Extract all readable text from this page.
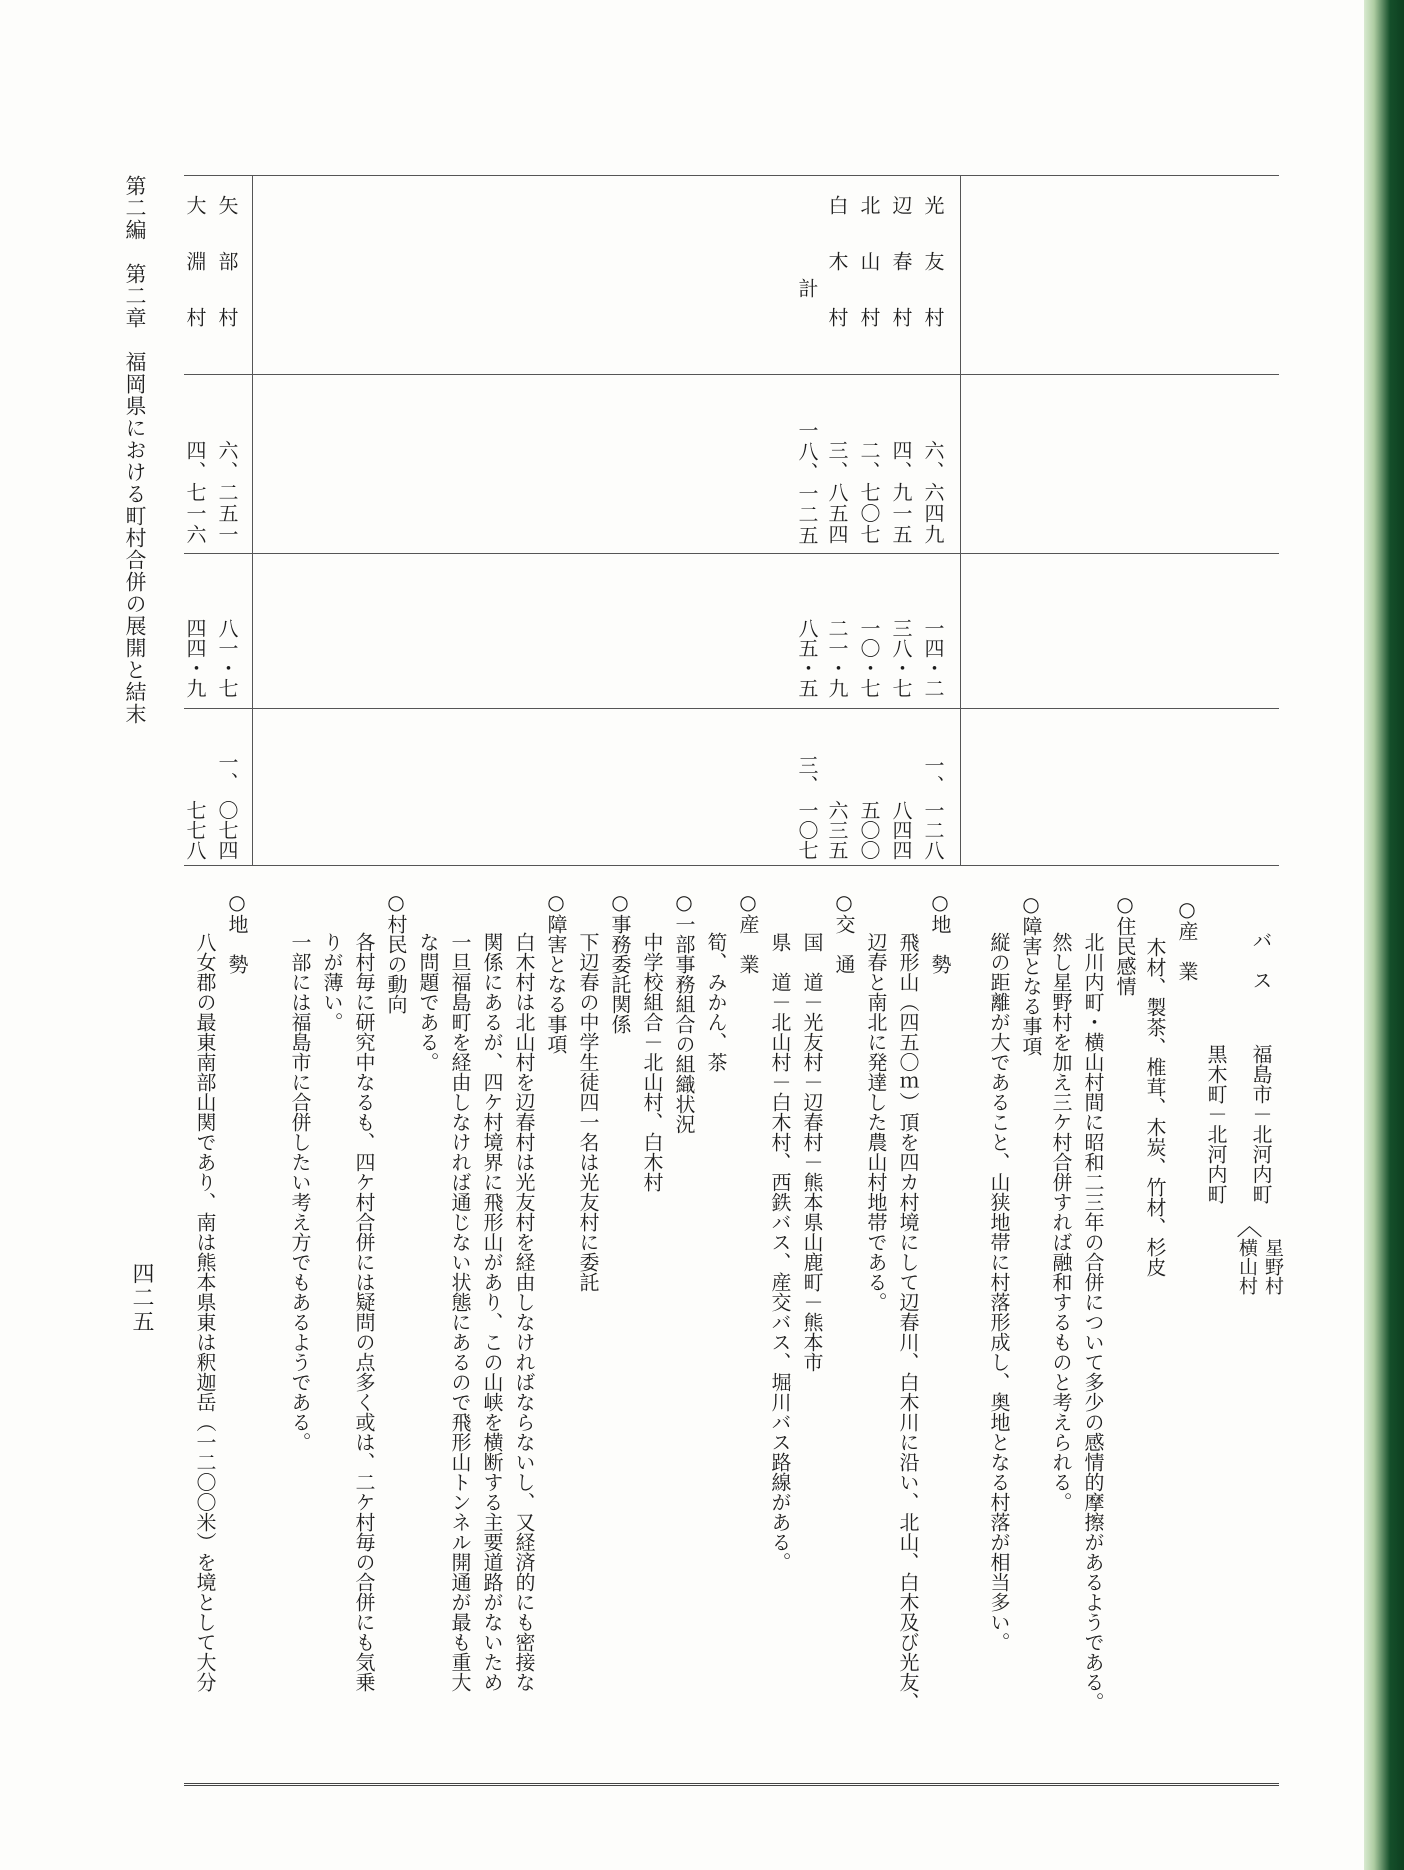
第二編　第二章　福岡県における町村合併の展開と結末
四二五
バ　ス
福島市－北河内町
〈
星野村
横山村
黒木町－北河内町
○産　業
木材、製茶、椎茸、木炭、竹材、杉皮
○住民感情
北川内町・横山村間に昭和二三年の合併について多少の感情的摩擦があるようである。
然し星野村を加え三ケ村合併すれば融和するものと考えられる。
○障害となる事項
縦の距離が大であること、山狭地帯に村落形成し、奥地となる村落が相当多い。
光友村
辺春村
北山村
白木村
計
六、六四九
四、九一五
二、七〇七
三、八五四
一八、一二五
一四・二
三八・七
一〇・七
二一・九
八五・五
一、
一二八
八四四
五〇〇
六三五
三、
一〇七
矢部村
大淵村
六、二五一
四、七一六
八一・七
四四・九
一、
〇七四
七七八
○地　勢
飛形山（四五〇ｍ）頂を四カ村境にして辺春川、白木川に沿い、北山、白木及び光友、
辺春と南北に発達した農山村地帯である。
○交　通
国　道－光友村－辺春村－熊本県山鹿町－熊本市
県　道－北山村－白木村、西鉄バス、産交バス、堀川バス路線がある。
○産　業
筍、みかん、茶
○一部事務組合の組織状況
中学校組合－北山村、白木村
○事務委託関係
下辺春の中学生徒四一名は光友村に委託
○障害となる事項
白木村は北山村を辺春村は光友村を経由しなければならないし、又経済的にも密接な
関係にあるが、四ケ村境界に飛形山があり、この山峡を横断する主要道路がないため
一旦福島町を経由しなければ通じない状態にあるので飛形山トンネル開通が最も重大
な問題である。
○村民の動向
各村毎に研究中なるも、四ケ村合併には疑問の点多く或は、二ケ村毎の合併にも気乗
りが薄い。
一部には福島市に合併したい考え方でもあるようである。
○地　勢
八女郡の最東南部山関であり、南は熊本県東は釈迦岳（一二〇〇米）を境として大分
